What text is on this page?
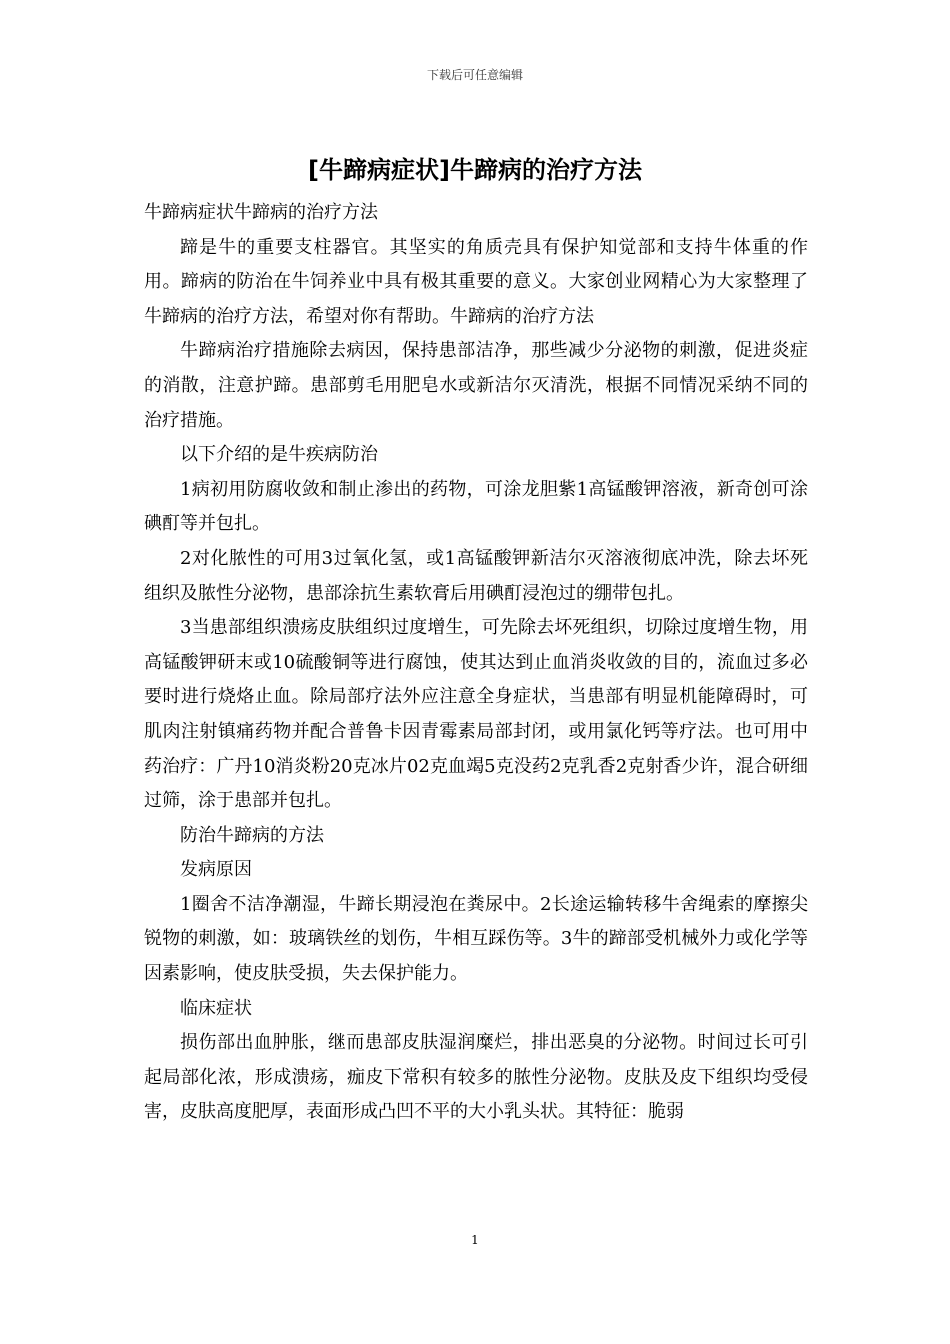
下载后可任意编辑
[牛蹄病症状]牛蹄病的治疗方法

牛蹄病症状牛蹄病的治疗方法

蹄是牛的重要支柱器官。其坚实的角质壳具有保护知觉部和支持牛体重的作用。蹄病的防治在牛饲养业中具有极其重要的意义。大家创业网精心为大家整理了牛蹄病的治疗方法，希望对你有帮助。牛蹄病的治疗方法

牛蹄病治疗措施除去病因，保持患部洁净，那些减少分泌物的刺激，促进炎症的消散，注意护蹄。患部剪毛用肥皂水或新洁尔灭清洗，根据不同情况采纳不同的治疗措施。

以下介绍的是牛疾病防治

1病初用防腐收敛和制止渗出的药物，可涂龙胆紫1高锰酸钾溶液，新奇创可涂碘酊等并包扎。

2对化脓性的可用3过氧化氢，或1高锰酸钾新洁尔灭溶液彻底冲洗，除去坏死组织及脓性分泌物，患部涂抗生素软膏后用碘酊浸泡过的绷带包扎。

3当患部组织溃疡皮肤组织过度增生，可先除去坏死组织，切除过度增生物，用高锰酸钾研末或10硫酸铜等进行腐蚀，使其达到止血消炎收敛的目的，流血过多必要时进行烧烙止血。除局部疗法外应注意全身症状，当患部有明显机能障碍时，可肌肉注射镇痛药物并配合普鲁卡因青霉素局部封闭，或用氯化钙等疗法。也可用中药治疗：广丹10消炎粉20克冰片02克血竭5克没药2克乳香2克射香少许，混合研细过筛，涂于患部并包扎。

防治牛蹄病的方法

发病原因

1圈舍不洁净潮湿，牛蹄长期浸泡在粪尿中。2长途运输转移牛舍绳索的摩擦尖锐物的刺激，如：玻璃铁丝的划伤，牛相互踩伤等。3牛的蹄部受机械外力或化学等因素影响，使皮肤受损，失去保护能力。

临床症状

损伤部出血肿胀，继而患部皮肤湿润糜烂，排出恶臭的分泌物。时间过长可引起局部化浓，形成溃疡，痂皮下常积有较多的脓性分泌物。皮肤及皮下组织均受侵害，皮肤高度肥厚，表面形成凸凹不平的大小乳头状。其特征：脆弱

1
